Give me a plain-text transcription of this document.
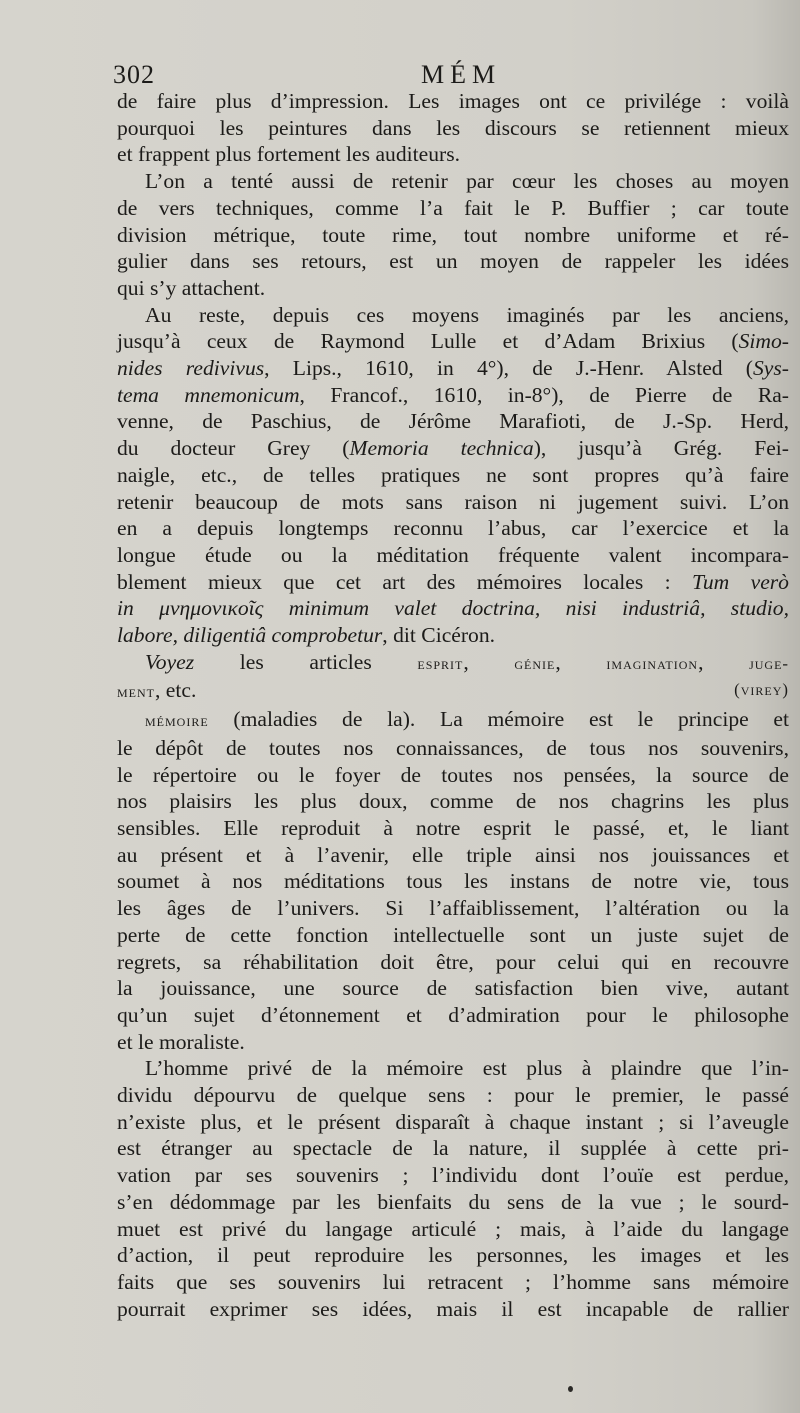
302	MÉM
de faire plus d’impression. Les images ont ce privilége : voilà
pourquoi les peintures dans les discours se retiennent mieux
et frappent plus fortement les auditeurs.
L’on a tenté aussi de retenir par cœur les choses au moyen
de vers techniques, comme l’a fait le P. Buffier ; car toute
division métrique, toute rime, tout nombre uniforme et ré-
gulier dans ses retours, est un moyen de rappeler les idées
qui s’y attachent.
Au reste, depuis ces moyens imaginés par les anciens,
jusqu’à ceux de Raymond Lulle et d’Adam Brixius (Simo-
nides redivivus, Lips., 1610, in 4°), de J.-Henr. Alsted (Sys-
tema mnemonicum, Francof., 1610, in-8°), de Pierre de Ra-
venne, de Paschius, de Jérôme Marafioti, de J.-Sp. Herd,
du docteur Grey (Memoria technica), jusqu’à Grég. Fei-
naigle, etc., de telles pratiques ne sont propres qu’à faire
retenir beaucoup de mots sans raison ni jugement suivi. L’on
en a depuis longtemps reconnu l’abus, car l’exercice et la
longue étude ou la méditation fréquente valent incompara-
blement mieux que cet art des mémoires locales : Tum verò
in μνημονικοῖς minimum valet doctrina, nisi industriâ, studio,
labore, diligentiâ comprobetur, dit Cicéron.
Voyez les articles esprit, génie, imagination, juge-
ment, etc.	(virey)
mémoire (maladies de la). La mémoire est le principe et
le dépôt de toutes nos connaissances, de tous nos souvenirs,
le répertoire ou le foyer de toutes nos pensées, la source de
nos plaisirs les plus doux, comme de nos chagrins les plus
sensibles. Elle reproduit à notre esprit le passé, et, le liant
au présent et à l’avenir, elle triple ainsi nos jouissances et
soumet à nos méditations tous les instans de notre vie, tous
les âges de l’univers. Si l’affaiblissement, l’altération ou la
perte de cette fonction intellectuelle sont un juste sujet de
regrets, sa réhabilitation doit être, pour celui qui en recouvre
la jouissance, une source de satisfaction bien vive, autant
qu’un sujet d’étonnement et d’admiration pour le philosophe
et le moraliste.
L’homme privé de la mémoire est plus à plaindre que l’in-
dividu dépourvu de quelque sens : pour le premier, le passé
n’existe plus, et le présent disparaît à chaque instant ; si l’aveugle
est étranger au spectacle de la nature, il supplée à cette pri-
vation par ses souvenirs ; l’individu dont l’ouïe est perdue,
s’en dédommage par les bienfaits du sens de la vue ; le sourd-
muet est privé du langage articulé ; mais, à l’aide du langage
d’action, il peut reproduire les personnes, les images et les
faits que ses souvenirs lui retracent ; l’homme sans mémoire
pourrait exprimer ses idées, mais il est incapable de rallier
